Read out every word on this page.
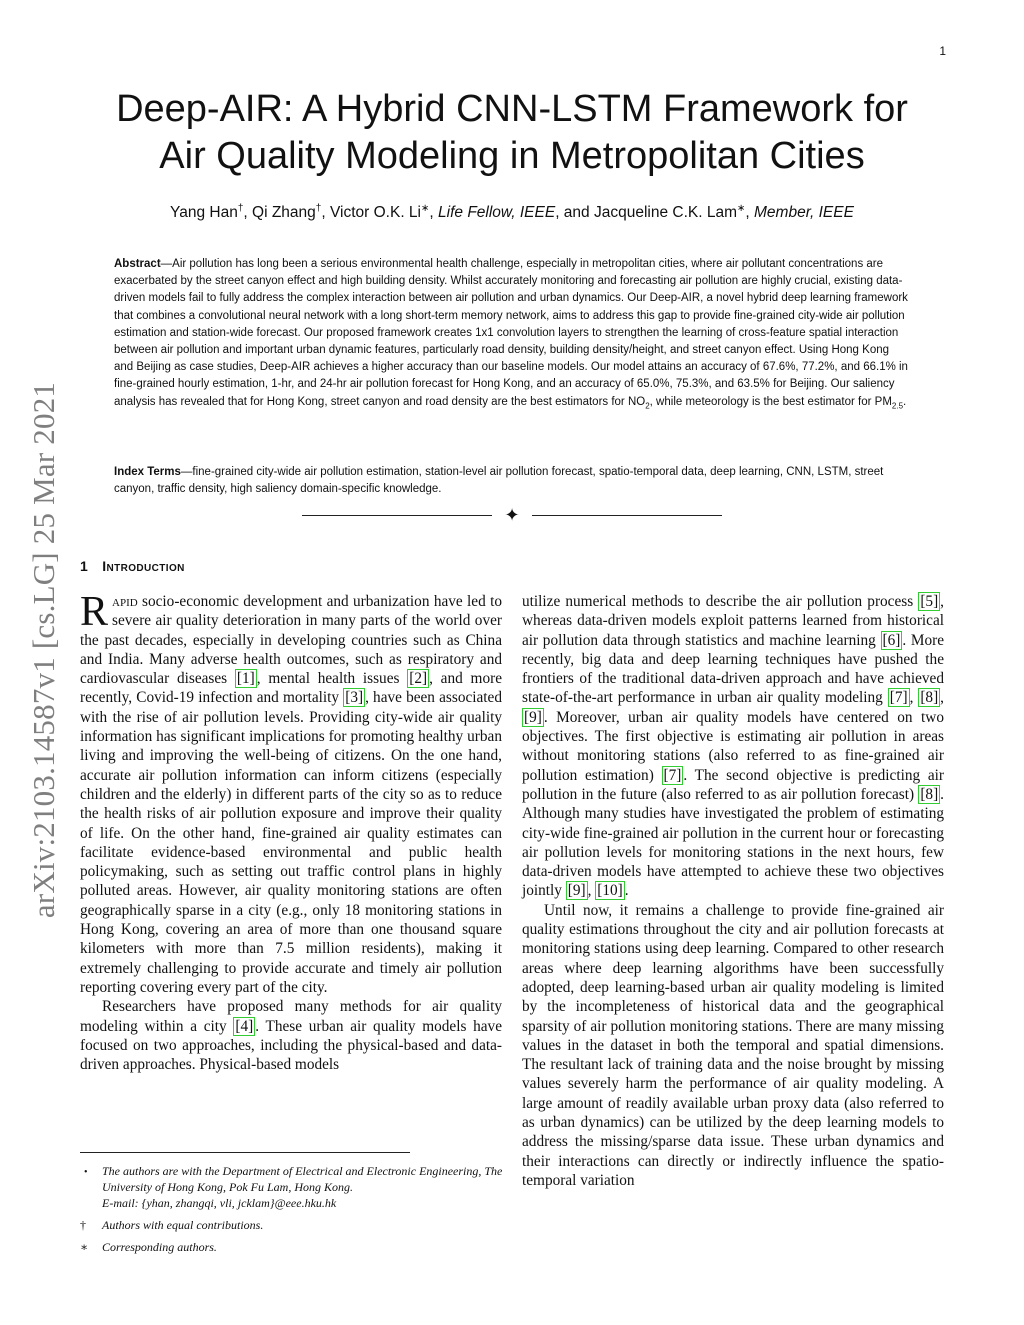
1
arXiv:2103.14587v1 [cs.LG] 25 Mar 2021
Deep-AIR: A Hybrid CNN-LSTM Framework for
Air Quality Modeling in Metropolitan Cities
Yang Han†, Qi Zhang†, Victor O.K. Li∗, Life Fellow, IEEE, and Jacqueline C.K. Lam∗, Member, IEEE

Abstract—Air pollution has long been a serious environmental health challenge, especially in metropolitan cities, where air pollutant concentrations are exacerbated by the street canyon effect and high building density. Whilst accurately monitoring and forecasting air pollution are highly crucial, existing data-driven models fail to fully address the complex interaction between air pollution and urban dynamics. Our Deep-AIR, a novel hybrid deep learning framework that combines a convolutional neural network with a long short-term memory network, aims to address this gap to provide fine-grained city-wide air pollution estimation and station-wide forecast. Our proposed framework creates 1x1 convolution layers to strengthen the learning of cross-feature spatial interaction between air pollution and important urban dynamic features, particularly road density, building density/height, and street canyon effect. Using Hong Kong and Beijing as case studies, Deep-AIR achieves a higher accuracy than our baseline models. Our model attains an accuracy of 67.6%, 77.2%, and 66.1% in fine-grained hourly estimation, 1-hr, and 24-hr air pollution forecast for Hong Kong, and an accuracy of 65.0%, 75.3%, and 63.5% for Beijing. Our saliency analysis has revealed that for Hong Kong, street canyon and road density are the best estimators for $NO_2$, while meteorology is the best estimator for $PM_{2.5}$.

Index Terms—fine-grained city-wide air pollution estimation, station-level air pollution forecast, spatio-temporal data, deep learning, CNN, LSTM, street canyon, traffic density, high saliency domain-specific knowledge.

✦
1 Introduction

Rapid socio-economic development and urbanization have led to severe air quality deterioration in many parts of the world over the past decades, especially in developing countries such as China and India. Many adverse health outcomes, such as respiratory and cardiovascular diseases [1] , mental health issues [2] , and more recently, Covid-19 infection and mortality [3] , have been associated with the rise of air pollution levels. Providing city-wide air quality information has significant implications for promoting healthy urban living and improving the well-being of citizens. On the one hand, accurate air pollution information can inform citizens (especially children and the elderly) in different parts of the city so as to reduce the health risks of air pollution exposure and improve their quality of life. On the other hand, fine-grained air quality estimates can facilitate evidence-based environmental and public health policymaking, such as setting out traffic control plans in highly polluted areas. However, air quality monitoring stations are often geographically sparse in a city (e.g., only 18 monitoring stations in Hong Kong, covering an area of more than one thousand square kilometers with more than 7.5 million residents), making it extremely challenging to provide accurate and timely air pollution reporting covering every part of the city.

Researchers have proposed many methods for air quality modeling within a city [4] . These urban air quality models have focused on two approaches, including the physical-based and data-driven approaches. Physical-based models

utilize numerical methods to describe the air pollution process [5] , whereas data-driven models exploit patterns learned from historical air pollution data through statistics and machine learning [6] . More recently, big data and deep learning techniques have pushed the frontiers of the traditional data-driven approach and have achieved state-of-the-art performance in urban air quality modeling [7] , [8] , [9] . Moreover, urban air quality models have centered on two objectives. The first objective is estimating air pollution in areas without monitoring stations (also referred to as fine-grained air pollution estimation) [7] . The second objective is predicting air pollution in the future (also referred to as air pollution forecast) [8] . Although many studies have investigated the problem of estimating city-wide fine-grained air pollution in the current hour or forecasting air pollution levels for monitoring stations in the next hours, few data-driven models have attempted to achieve these two objectives jointly [9] , [10] .

Until now, it remains a challenge to provide fine-grained air quality estimations throughout the city and air pollution forecasts at monitoring stations using deep learning. Compared to other research areas where deep learning algorithms have been successfully adopted, deep learning-based urban air quality modeling is limited by the incompleteness of historical data and the geographical sparsity of air pollution monitoring stations. There are many missing values in the dataset in both the temporal and spatial dimensions. The resultant lack of training data and the noise brought by missing values severely harm the performance of air quality modeling. A large amount of readily available urban proxy data (also referred to as urban dynamics) can be utilized by the deep learning models to address the missing/sparse data issue. These urban dynamics and their interactions can directly or indirectly influence the spatio-temporal variation

• The authors are with the Department of Electrical and Electronic Engineering, The University of Hong Kong, Pok Fu Lam, Hong Kong.
E-mail: {yhan, zhangqi, vli, jcklam}@eee.hku.hk
† Authors with equal contributions.
∗ Corresponding authors.
